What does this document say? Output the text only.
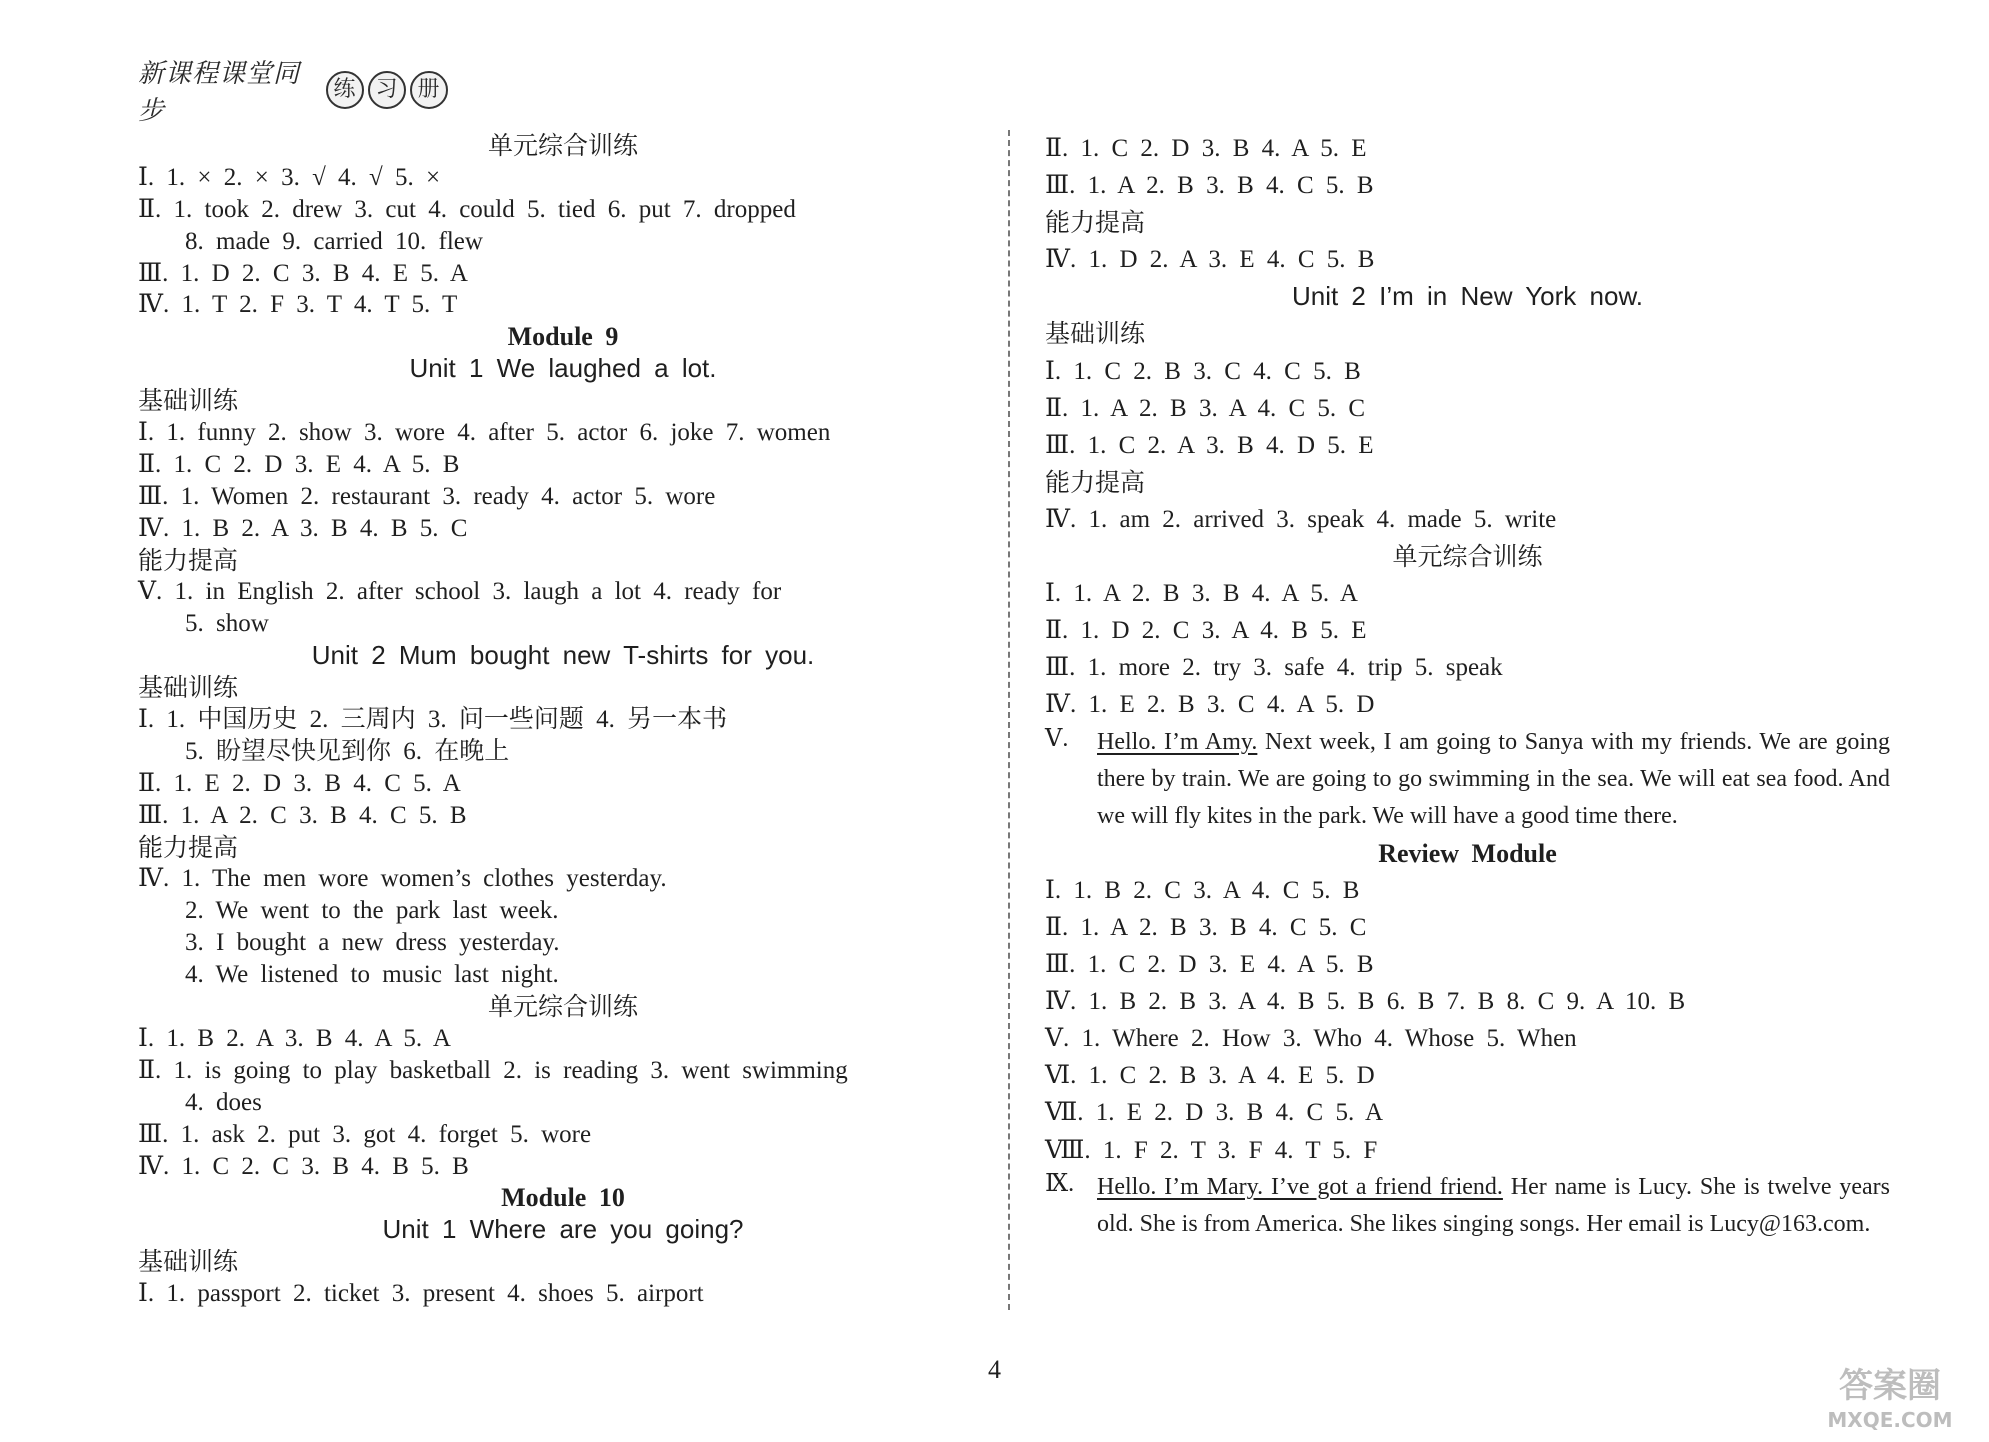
新课程课堂同步
练 习 册
单元综合训练
Ⅰ. 1. × 2. × 3. √ 4. √ 5. ×
Ⅱ. 1. took 2. drew 3. cut 4. could 5. tied 6. put 7. dropped
8. made 9. carried 10. flew
Ⅲ. 1. D 2. C 3. B 4. E 5. A
Ⅳ. 1. T 2. F 3. T 4. T 5. T
Module 9
Unit 1 We laughed a lot.
基础训练
Ⅰ. 1. funny 2. show 3. wore 4. after 5. actor 6. joke 7. women
Ⅱ. 1. C 2. D 3. E 4. A 5. B
Ⅲ. 1. Women 2. restaurant 3. ready 4. actor 5. wore
Ⅳ. 1. B 2. A 3. B 4. B 5. C
能力提高
Ⅴ. 1. in English 2. after school 3. laugh a lot 4. ready for
5. show
Unit 2 Mum bought new T-shirts for you.
基础训练
Ⅰ. 1. 中国历史 2. 三周内 3. 问一些问题 4. 另一本书
5. 盼望尽快见到你 6. 在晚上
Ⅱ. 1. E 2. D 3. B 4. C 5. A
Ⅲ. 1. A 2. C 3. B 4. C 5. B
能力提高
Ⅳ. 1. The men wore women’s clothes yesterday.
2. We went to the park last week.
3. I bought a new dress yesterday.
4. We listened to music last night.
单元综合训练
Ⅰ. 1. B 2. A 3. B 4. A 5. A
Ⅱ. 1. is going to play basketball 2. is reading 3. went swimming
4. does
Ⅲ. 1. ask 2. put 3. got 4. forget 5. wore
Ⅳ. 1. C 2. C 3. B 4. B 5. B
Module 10
Unit 1 Where are you going?
基础训练
Ⅰ. 1. passport 2. ticket 3. present 4. shoes 5. airport
Ⅱ. 1. C 2. D 3. B 4. A 5. E
Ⅲ. 1. A 2. B 3. B 4. C 5. B
能力提高
Ⅳ. 1. D 2. A 3. E 4. C 5. B
Unit 2 I’m in New York now.
基础训练
Ⅰ. 1. C 2. B 3. C 4. C 5. B
Ⅱ. 1. A 2. B 3. A 4. C 5. C
Ⅲ. 1. C 2. A 3. B 4. D 5. E
能力提高
Ⅳ. 1. am 2. arrived 3. speak 4. made 5. write
单元综合训练
Ⅰ. 1. A 2. B 3. B 4. A 5. A
Ⅱ. 1. D 2. C 3. A 4. B 5. E
Ⅲ. 1. more 2. try 3. safe 4. trip 5. speak
Ⅳ. 1. E 2. B 3. C 4. A 5. D
Ⅴ. Hello. I’m Amy. Next week, I am going to Sanya with my friends. We are going there by train. We are going to go swimming in the sea. We will eat sea food. And we will fly kites in the park. We will have a good time there.

Review Module
Ⅰ. 1. B 2. C 3. A 4. C 5. B
Ⅱ. 1. A 2. B 3. B 4. C 5. C
Ⅲ. 1. C 2. D 3. E 4. A 5. B
Ⅳ. 1. B 2. B 3. A 4. B 5. B 6. B 7. B 8. C 9. A 10. B
Ⅴ. 1. Where 2. How 3. Who 4. Whose 5. When
Ⅵ. 1. C 2. B 3. A 4. E 5. D
Ⅶ. 1. E 2. D 3. B 4. C 5. A
Ⅷ. 1. F 2. T 3. F 4. T 5. F
Ⅸ. Hello. I’m Mary. I’ve got a friend friend. Her name is Lucy. She is twelve years old. She is from America. She likes singing songs. Her email is Lucy@163.com.

4	答案圈
MXQE.COM
